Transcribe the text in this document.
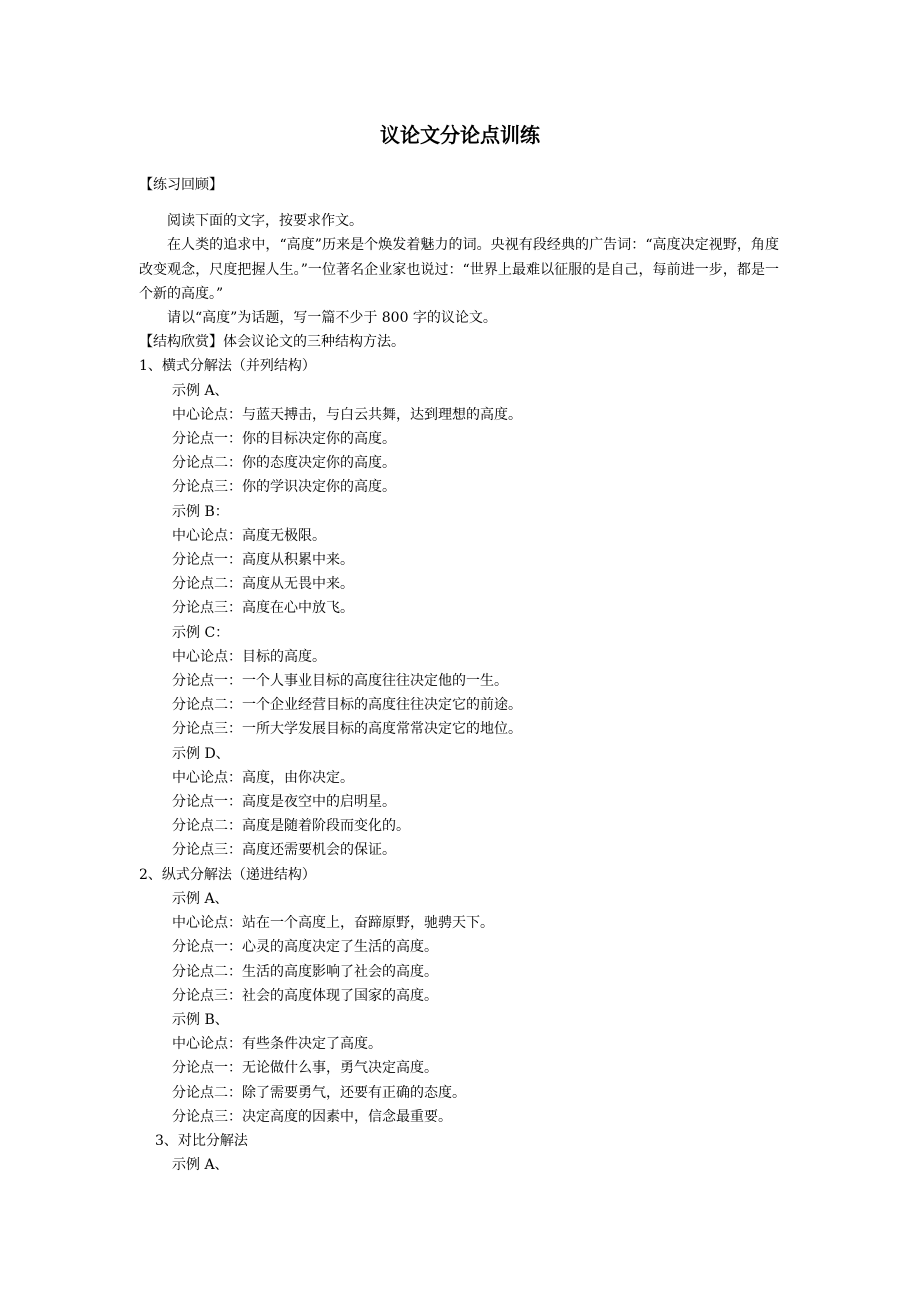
议论文分论点训练
【练习回顾】
阅读下面的文字，按要求作文。
在人类的追求中，“高度”历来是个焕发着魅力的词。央视有段经典的广告词：“高度决定视野，角度改变观念，尺度把握人生。”一位著名企业家也说过：“世界上最难以征服的是自己，每前进一步，都是一个新的高度。”
请以“高度”为话题，写一篇不少于 800 字的议论文。
【结构欣赏】体会议论文的三种结构方法。
1、横式分解法（并列结构）
示例 A、
中心论点：与蓝天搏击，与白云共舞，达到理想的高度。
分论点一：你的目标决定你的高度。
分论点二：你的态度决定你的高度。
分论点三：你的学识决定你的高度。
示例 B：
中心论点：高度无极限。
分论点一：高度从积累中来。
分论点二：高度从无畏中来。
分论点三：高度在心中放飞。
示例 C：
中心论点：目标的高度。
分论点一：一个人事业目标的高度往往决定他的一生。
分论点二：一个企业经营目标的高度往往决定它的前途。
分论点三：一所大学发展目标的高度常常决定它的地位。
示例 D、
中心论点：高度，由你决定。
分论点一：高度是夜空中的启明星。
分论点二：高度是随着阶段而变化的。
分论点三：高度还需要机会的保证。
2、纵式分解法（递进结构）
示例 A、
中心论点：站在一个高度上，奋蹄原野，驰骋天下。
分论点一：心灵的高度决定了生活的高度。
分论点二：生活的高度影响了社会的高度。
分论点三：社会的高度体现了国家的高度。
示例 B、
中心论点：有些条件决定了高度。
分论点一：无论做什么事，勇气决定高度。
分论点二：除了需要勇气，还要有正确的态度。
分论点三：决定高度的因素中，信念最重要。
3、对比分解法
示例 A、
